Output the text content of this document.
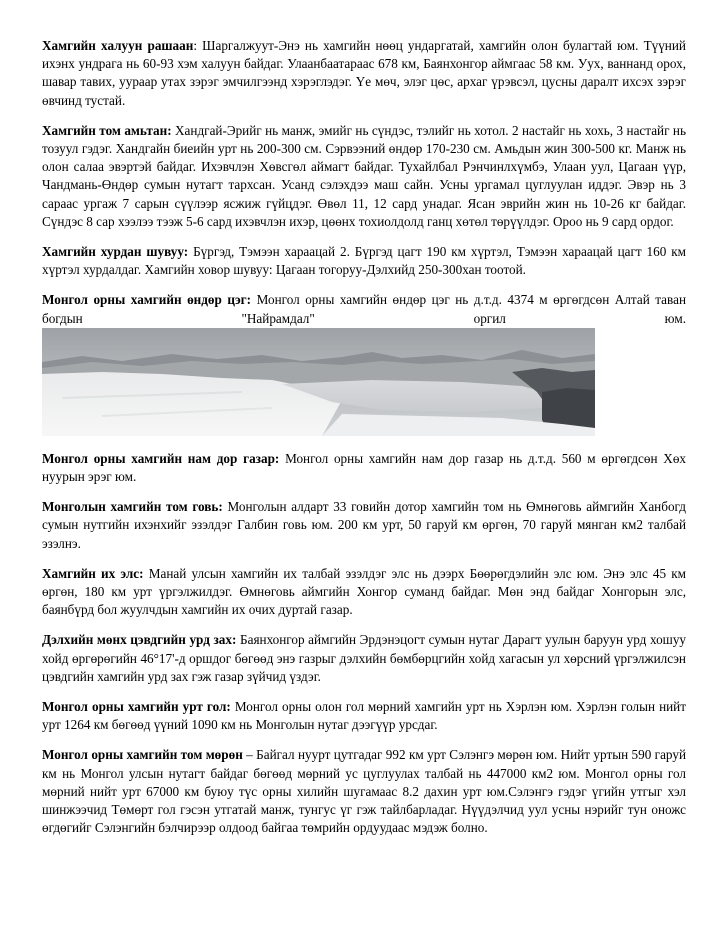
Хамгийн халуун рашаан: Шаргалжуут-Энэ нь хамгийн нөөц ундаргатай, хамгийн олон булагтай юм. Түүний ихэнх ундрага нь 60-93 хэм халуун байдаг. Улаанбаатараас 678 км, Баянхонгор аймгаас 58 км. Уух, ваннанд орох, шавар тавих, уураар утах зэрэг эмчилгээнд хэрэглэдэг. Үе мөч, элэг цөс, архаг үрэвсэл, цусны даралт ихсэх зэрэг өвчинд тустай.

Хамгийн том амьтан: Хандгай-Эрийг нь манж, эмийг нь сүндэс, тэлийг нь хотол. 2 настайг нь хохь, 3 настайг нь тозуул гэдэг. Хандгайн биеийн урт нь 200-300 см. Сэрвээний өндөр 170-230 см. Амьдын жин 300-500 кг. Манж нь олон салаа эвэртэй байдаг. Ихэвчлэн Хөвсгөл аймагт байдаг. Тухайлбал Рэнчинлхүмбэ, Улаан уул, Цагаан үүр, Чандмань-Өндөр сумын нутагт тархсан. Усанд сэлэхдээ маш сайн. Усны ургамал цуглуулан иддэг. Эвэр нь 3 сараас ургаж 7 сарын сүүлээр ясжиж гүйцдэг. Өвөл 11, 12 сард унадаг. Ясан эврийн жин нь 10-26 кг байдаг. Сүндэс 8 сар хээлээ тээж 5-6 сард ихэвчлэн ихэр, цөөнх тохиолдолд ганц хөтөл төрүүлдэг. Ороо нь 9 сард ордог.

Хамгийн хурдан шувуу: Бүргэд, Тэмээн хараацай 2. Бүргэд цагт 190 км хүртэл, Тэмээн хараацай цагт 160 км хүртэл хурдалдаг. Хамгийн ховор шувуу: Цагаан тогоруу-Дэлхийд 250-300хан тоотой.

Монгол орны хамгийн өндөр цэг: Монгол орны хамгийн өндөр цэг нь д.т.д. 4374 м өргөгдсөн Алтай таван богдын "Найрамдал" оргил юм.

Монгол орны хамгийн нам дор газар: Монгол орны хамгийн нам дор газар нь д.т.д. 560 м өргөгдсөн Хөх нуурын эрэг юм.

Монголын хамгийн том говь: Монголын алдарт 33 говийн дотор хамгийн том нь Өмнөговь аймгийн Ханбогд сумын нутгийн ихэнхийг эзэлдэг Галбин говь юм. 200 км урт, 50 гаруй км өргөн, 70 гаруй мянган км2 талбай эзэлнэ.

Хамгийн их элс: Манай улсын хамгийн их талбай эзэлдэг элс нь дээрх Бөөрөгдэлийн элс юм. Энэ элс 45 км өргөн, 180 км урт үргэлжилдэг. Өмнөговь аймгийн Хонгор суманд байдаг. Мөн энд байдаг Хонгорын элс, баянбүрд бол жуулчдын хамгийн их очих дуртай газар.

Дэлхийн мөнх цэвдгийн урд зах: Баянхонгор аймгийн Эрдэнэцогт сумын нутаг Дарагт уулын баруун урд хошуу хойд өргөрөгийн 46°17'-д оршдог бөгөөд энэ газрыг дэлхийн бөмбөрцгийн хойд хагасын ул хөрсний үргэлжилсэн цэвдгийн хамгийн урд зах гэж газар зүйчид үздэг.

Монгол орны хамгийн урт гол: Монгол орны олон гол мөрний хамгийн урт нь Хэрлэн юм. Хэрлэн голын нийт урт 1264 км бөгөөд үүний 1090 км нь Монголын нутаг дээгүүр урсдаг.

Монгол орны хамгийн том мөрөн – Байгал нуурт цутгадаг 992 км урт Сэлэнгэ мөрөн юм. Нийт уртын 590 гаруй км нь Монгол улсын нутагт байдаг бөгөөд мөрний ус цуглуулах талбай нь 447000 км2 юм. Монгол орны гол мөрний нийт урт 67000 км буюу түс орны хилийн шугамаас 8.2 дахин урт юм.Сэлэнгэ гэдэг үгийн утгыг хэл шинжээчид Төмөрт гол гэсэн утгатай манж, тунгус үг гэж тайлбарладаг. Нүүдэлчид уул усны нэрийг тун оножс өгдөгийг Сэлэнгийн бэлчирээр олдоод байгаа төмрийн ордуудаас мэдэж болно.
